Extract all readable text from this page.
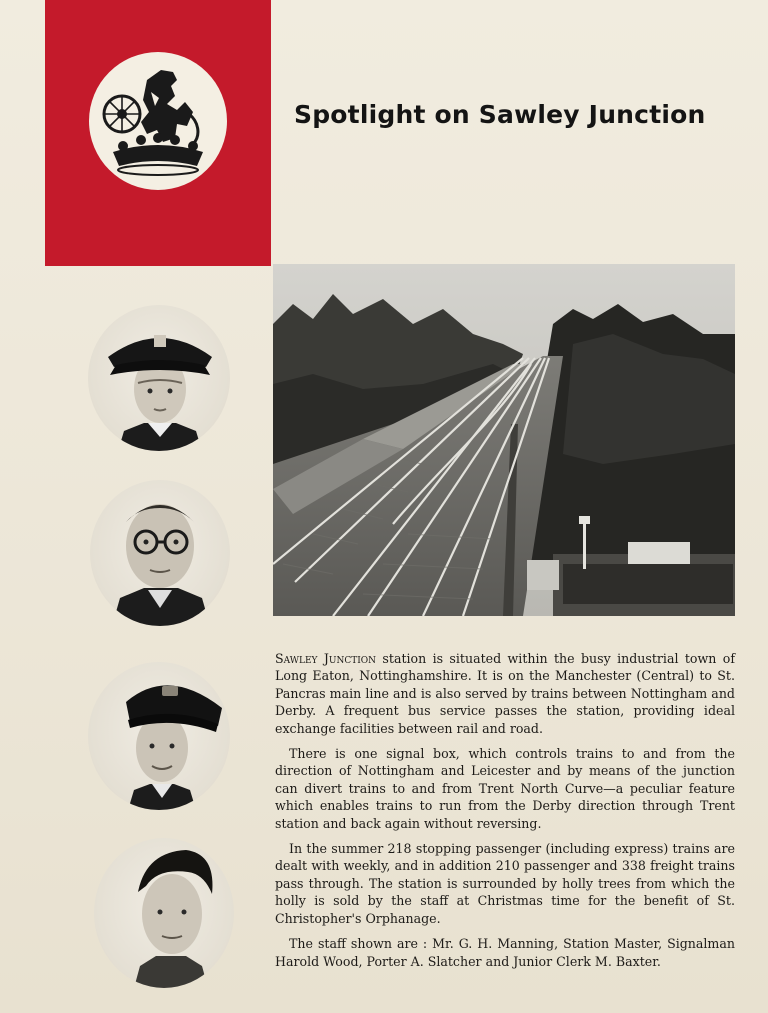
Spotlight on Sawley Junction

Sawley Junction station is situated within the busy industrial town of Long Eaton, Nottinghamshire. It is on the Manchester (Central) to St. Pancras main line and is also served by trains between Nottingham and Derby. A frequent bus service passes the station, providing ideal exchange facilities between rail and road.

There is one signal box, which controls trains to and from the direction of Nottingham and Leicester and by means of the junction can divert trains to and from Trent North Curve—a peculiar feature which enables trains to run from the Derby direction through Trent station and back again without reversing.

In the summer 218 stopping passenger (including express) trains are dealt with weekly, and in addition 210 passenger and 338 freight trains pass through. The station is surrounded by holly trees from which the holly is sold by the staff at Christmas time for the benefit of St. Christopher's Orphanage.

The staff shown are : Mr. G. H. Manning, Station Master, Signalman Harold Wood, Porter A. Slatcher and Junior Clerk M. Baxter.
